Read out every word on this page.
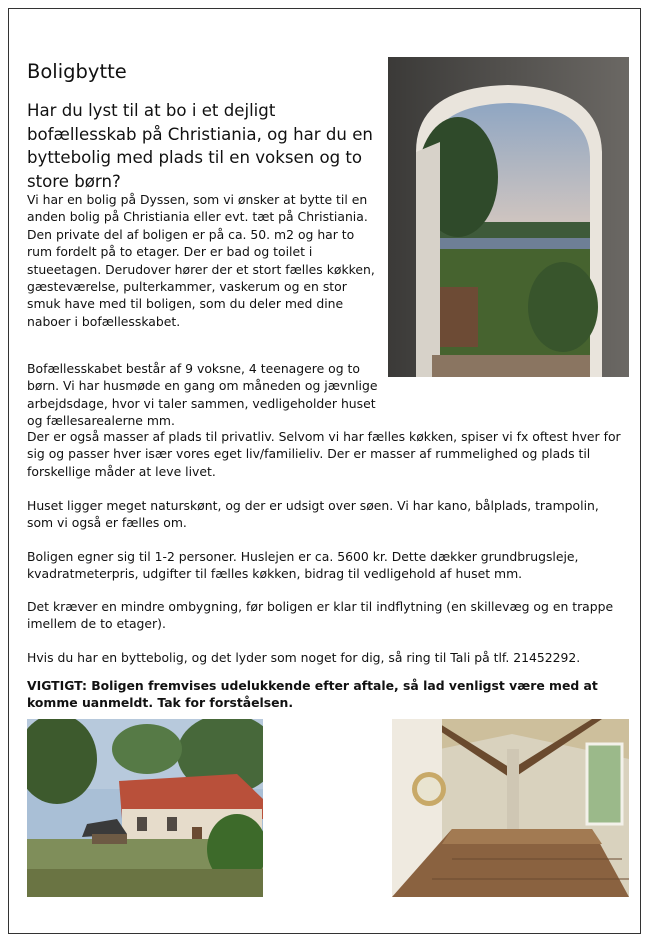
Boligbytte
Har du lyst til at bo i et dejligt bofællesskab på Christiania, og har du en byttebolig med plads til en voksen og to store børn?

Vi har en bolig på Dyssen, som vi ønsker at bytte til en anden bolig på Christiania eller evt. tæt på Christiania. Den private del af boligen er på ca. 50. m2 og har to rum fordelt på to etager. Der er bad og toilet i stueetagen. Derudover hører der et stort fælles køkken, gæsteværelse, pulterkammer, vaskerum og en stor smuk have med til boligen, som du deler med dine naboer i bofællesskabet.

Bofællesskabet består af 9 voksne, 4 teenagere og to børn. Vi har husmøde en gang om måneden og jævnlige arbejdsdage, hvor vi taler sammen, vedligeholder huset og fællesarealerne mm.

Der er også masser af plads til privatliv. Selvom vi har fælles køkken, spiser vi fx oftest hver for sig og passer hver især vores eget liv/familieliv. Der er masser af rummelighed og plads til forskellige måder at leve livet.

Huset ligger meget naturskønt, og der er udsigt over søen. Vi har kano, bålplads, trampolin, som vi også er fælles om.

Boligen egner sig til 1-2 personer. Huslejen er ca. 5600 kr. Dette dækker grundbrugsleje, kvadratmeterpris, udgifter til fælles køkken, bidrag til vedligehold af huset mm.

Det kræver en mindre ombygning, før boligen er klar til indflytning (en skillevæg og en trappe imellem de to etager).

Hvis du har en byttebolig, og det lyder som noget for dig, så ring til Tali på tlf. 21452292.

VIGTIGT: Boligen fremvises udelukkende efter aftale, så lad venligst være med at komme uanmeldt. Tak for forståelsen.
